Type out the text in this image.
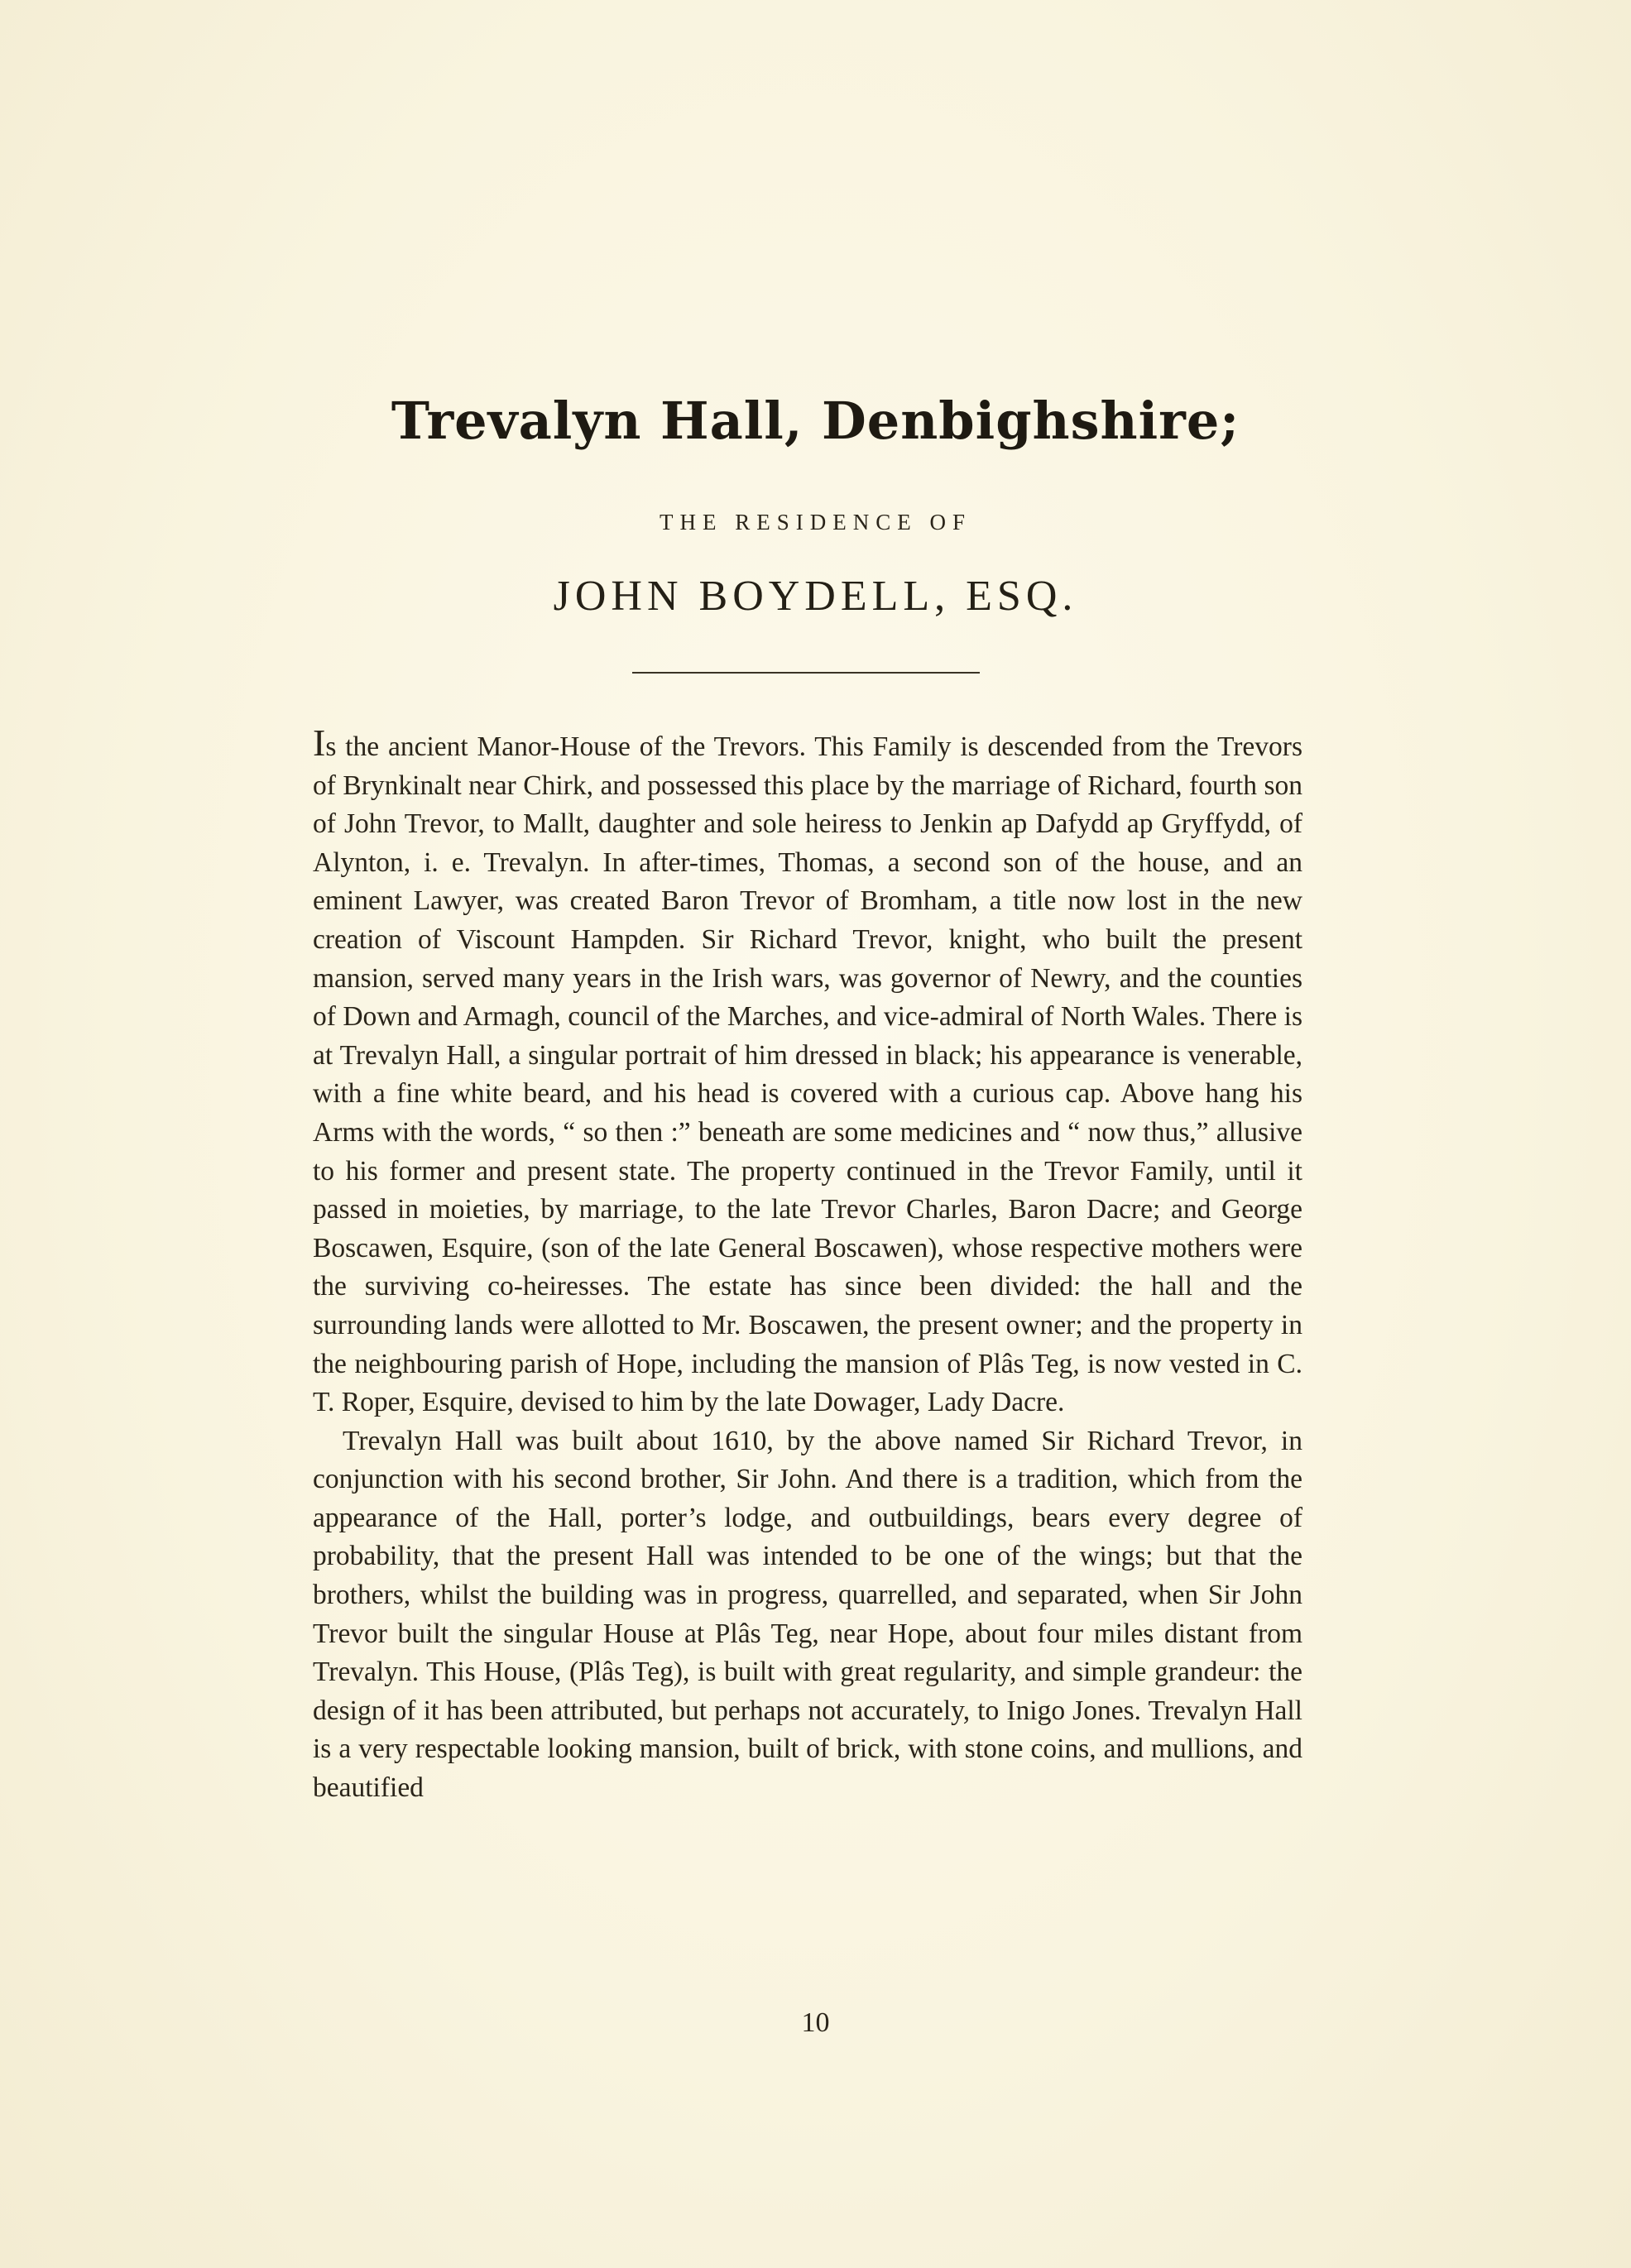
Trevalyn Hall, Denbighshire;
THE RESIDENCE OF
JOHN BOYDELL, ESQ.

Is the ancient Manor-House of the Trevors. This Family is descended from the Trevors of Brynkinalt near Chirk, and possessed this place by the marriage of Richard, fourth son of John Trevor, to Mallt, daughter and sole heiress to Jenkin ap Dafydd ap Gryffydd, of Alynton, i. e. Trevalyn. In after-times, Thomas, a second son of the house, and an eminent Lawyer, was created Baron Trevor of Bromham, a title now lost in the new creation of Viscount Hampden. Sir Richard Trevor, knight, who built the present mansion, served many years in the Irish wars, was governor of Newry, and the counties of Down and Armagh, council of the Marches, and vice-admiral of North Wales. There is at Trevalyn Hall, a singular portrait of him dressed in black; his appearance is venerable, with a fine white beard, and his head is covered with a curious cap. Above hang his Arms with the words, “ so then :” beneath are some medicines and “ now thus,” allusive to his former and present state. The property continued in the Trevor Family, until it passed in moieties, by marriage, to the late Trevor Charles, Baron Dacre; and George Boscawen, Esquire, (son of the late General Boscawen), whose respective mothers were the surviving co-heiresses. The estate has since been divided: the hall and the surrounding lands were allotted to Mr. Boscawen, the present owner; and the property in the neighbouring parish of Hope, including the mansion of Plâs Teg, is now vested in C. T. Roper, Esquire, devised to him by the late Dowager, Lady Dacre.

Trevalyn Hall was built about 1610, by the above named Sir Richard Trevor, in conjunction with his second brother, Sir John. And there is a tradition, which from the appearance of the Hall, porter’s lodge, and outbuildings, bears every degree of probability, that the present Hall was intended to be one of the wings; but that the brothers, whilst the building was in progress, quarrelled, and separated, when Sir John Trevor built the singular House at Plâs Teg, near Hope, about four miles distant from Trevalyn. This House, (Plâs Teg), is built with great regularity, and simple grandeur: the design of it has been attributed, but perhaps not accurately, to Inigo Jones. Trevalyn Hall is a very respectable looking mansion, built of brick, with stone coins, and mullions, and beautified

10
